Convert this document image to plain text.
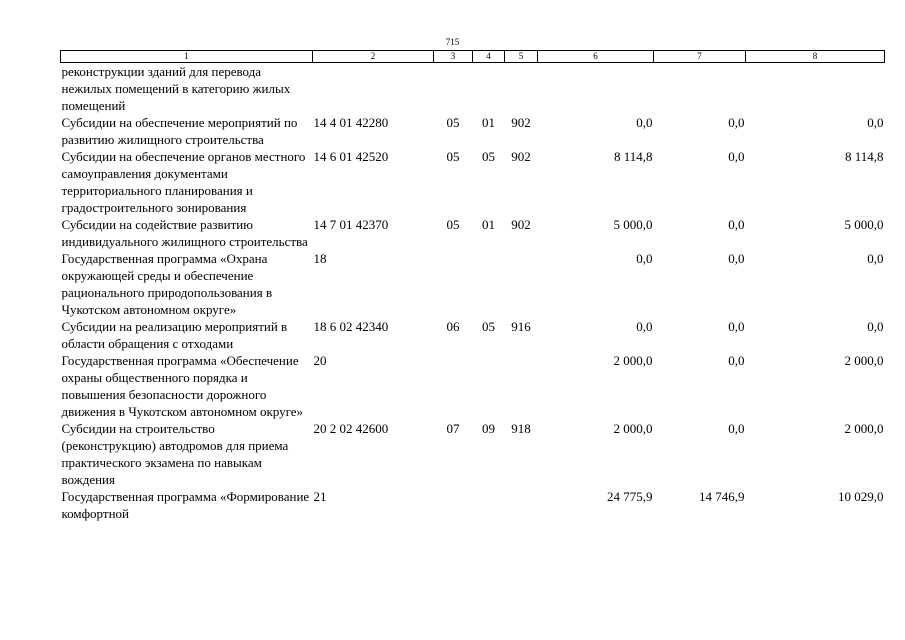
715
1	2	3	4	5	6	7	8
реконструкции зданий для перевода нежилых помещений в категорию жилых помещений							
Субсидии на обеспечение мероприятий по развитию жилищного строительства	14 4 01 42280	05	01	902	0,0	0,0	0,0
Субсидии на обеспечение органов местного самоуправления документами территориального планирования и градостроительного зонирования	14 6 01 42520	05	05	902	8 114,8	0,0	8 114,8
Субсидии на содействие развитию индивидуального жилищного строительства	14 7 01 42370	05	01	902	5 000,0	0,0	5 000,0
Государственная программа «Охрана окружающей среды и обеспечение рационального природопользования в Чукотском автономном округе»	18				0,0	0,0	0,0
Субсидии на реализацию мероприятий в области обращения с отходами	18 6 02 42340	06	05	916	0,0	0,0	0,0
Государственная программа «Обеспечение охраны общественного порядка и повышения безопасности дорожного движения в Чукотском автономном округе»	20				2 000,0	0,0	2 000,0
Субсидии на строительство (реконструкцию) автодромов для приема практического экзамена по навыкам вождения	20 2 02 42600	07	09	918	2 000,0	0,0	2 000,0
Государственная программа «Формирование комфортной	21				24 775,9	14 746,9	10 029,0
